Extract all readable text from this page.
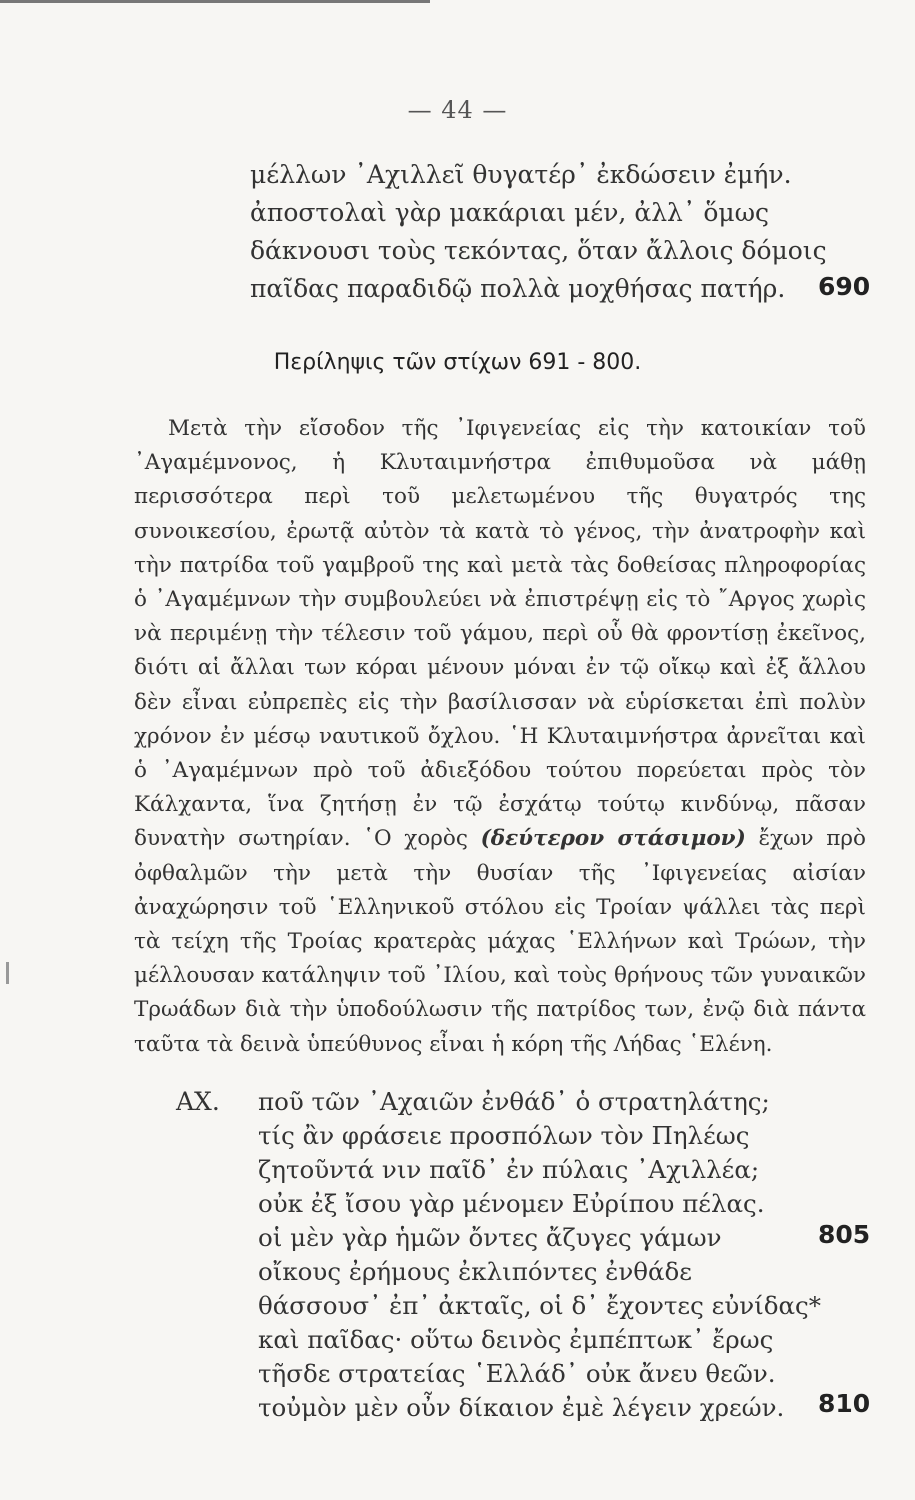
— 44 —
μέλλων ᾿Αχιλλεῖ θυγατέρ᾿ ἐκδώσειν ἐμήν.
ἀποστολαὶ γὰρ μακάριαι μέν, ἀλλ᾿ ὅμως
δάκνουσι τοὺς τεκόντας, ὅταν ἄλλοις δόμοις
παῖδας παραδιδῷ πολλὰ μοχθήσας πατήρ. 690
Περίληψις τῶν στίχων 691 - 800.

Μετὰ τὴν εἴσοδον τῆς ᾿Ιφιγενείας εἰς τὴν κατοικίαν τοῦ ᾿Αγαμέμνονος, ἡ Κλυταιμνήστρα ἐπιθυμοῦσα νὰ μάθῃ περισσότερα περὶ τοῦ μελετωμένου τῆς θυγατρός της συνοικεσίου, ἐρωτᾷ αὐτὸν τὰ κατὰ τὸ γένος, τὴν ἀνατροφὴν καὶ τὴν πατρίδα τοῦ γαμβροῦ της καὶ μετὰ τὰς δοθείσας πληροφορίας ὁ ᾿Αγαμέμνων τὴν συμβουλεύει νὰ ἐπιστρέψῃ εἰς τὸ ῎Αργος χωρὶς νὰ περιμένῃ τὴν τέλεσιν τοῦ γάμου, περὶ οὗ θὰ φροντίσῃ ἐκεῖνος, διότι αἱ ἄλλαι των κόραι μένουν μόναι ἐν τῷ οἴκῳ καὶ ἐξ ἄλλου δὲν εἶναι εὐπρεπὲς εἰς τὴν βασίλισσαν νὰ εὑρίσκεται ἐπὶ πολὺν χρόνον ἐν μέσῳ ναυτικοῦ ὄχλου. ῾Η Κλυταιμνήστρα ἀρνεῖται καὶ ὁ ᾿Αγαμέμνων πρὸ τοῦ ἀδιεξόδου τούτου πορεύεται πρὸς τὸν Κάλχαντα, ἵνα ζητήσῃ ἐν τῷ ἐσχάτῳ τούτῳ κινδύνῳ, πᾶσαν δυνατὴν σωτηρίαν. ῾Ο χορὸς (δεύτερον στάσιμον) ἔχων πρὸ ὀφθαλμῶν τὴν μετὰ τὴν θυσίαν τῆς ᾿Ιφιγενείας αἰσίαν ἀναχώρησιν τοῦ ῾Ελληνικοῦ στόλου εἰς Τροίαν ψάλλει τὰς περὶ τὰ τείχη τῆς Τροίας κρατερὰς μάχας ῾Ελλήνων καὶ Τρώων, τὴν μέλλουσαν κατάληψιν τοῦ ᾿Ιλίου, καὶ τοὺς θρήνους τῶν γυναικῶν Τρωάδων διὰ τὴν ὑποδούλωσιν τῆς πατρίδος των, ἐνῷ διὰ πάντα ταῦτα τὰ δεινὰ ὑπεύθυνος εἶναι ἡ κόρη τῆς Λήδας ῾Ελένη.

ΑΧ. ποῦ τῶν ᾿Αχαιῶν ἐνθάδ᾿ ὁ στρατηλάτης;
τίς ἂν φράσειε προσπόλων τὸν Πηλέως
ζητοῦντά νιν παῖδ᾿ ἐν πύλαις ᾿Αχιλλέα;
οὐκ ἐξ ἴσου γὰρ μένομεν Εὐρίπου πέλας.
οἱ μὲν γὰρ ἡμῶν ὄντες ἄζυγες γάμων	805
οἴκους ἐρήμους ἐκλιπόντες ἐνθάδε
θάσσουσ᾿ ἐπ᾿ ἀκταῖς, οἱ δ᾿ ἔχοντες εὐνίδας*
καὶ παῖδας· οὕτω δεινὸς ἐμπέπτωκ᾿ ἔρως
τῆσδε στρατείας ῾Ελλάδ᾿ οὐκ ἄνευ θεῶν.
τοὐμὸν μὲν οὖν δίκαιον ἐμὲ λέγειν χρεών. 810
